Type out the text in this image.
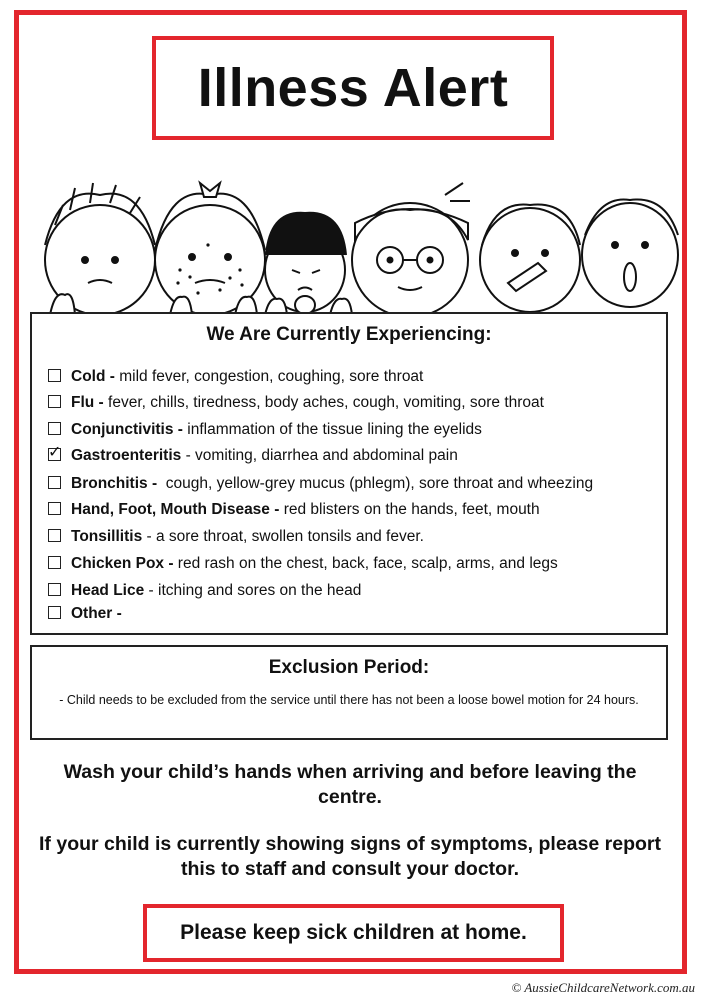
Illness Alert
We Are Currently Experiencing:
Cold - mild fever, congestion, coughing, sore throat
Flu - fever, chills, tiredness, body aches, cough, vomiting, sore throat
Conjunctivitis - inflammation of the tissue lining the eyelids
✓Gastroenteritis - vomiting, diarrhea and abdominal pain
Bronchitis -  cough, yellow-grey mucus (phlegm), sore throat and wheezing
Hand, Foot, Mouth Disease - red blisters on the hands, feet, mouth
Tonsillitis - a sore throat, swollen tonsils and fever.
Chicken Pox - red rash on the chest, back, face, scalp, arms, and legs
Head Lice - itching and sores on the head
Other -
Exclusion Period:
- Child needs to be excluded from the service until there has not been a loose bowel motion for 24 hours.
Wash your child’s hands when arriving and before leaving the centre.
If your child is currently showing signs of symptoms, please report this to staff and consult your doctor.
Please keep sick children at home.
© AussieChildcareNetwork.com.au
